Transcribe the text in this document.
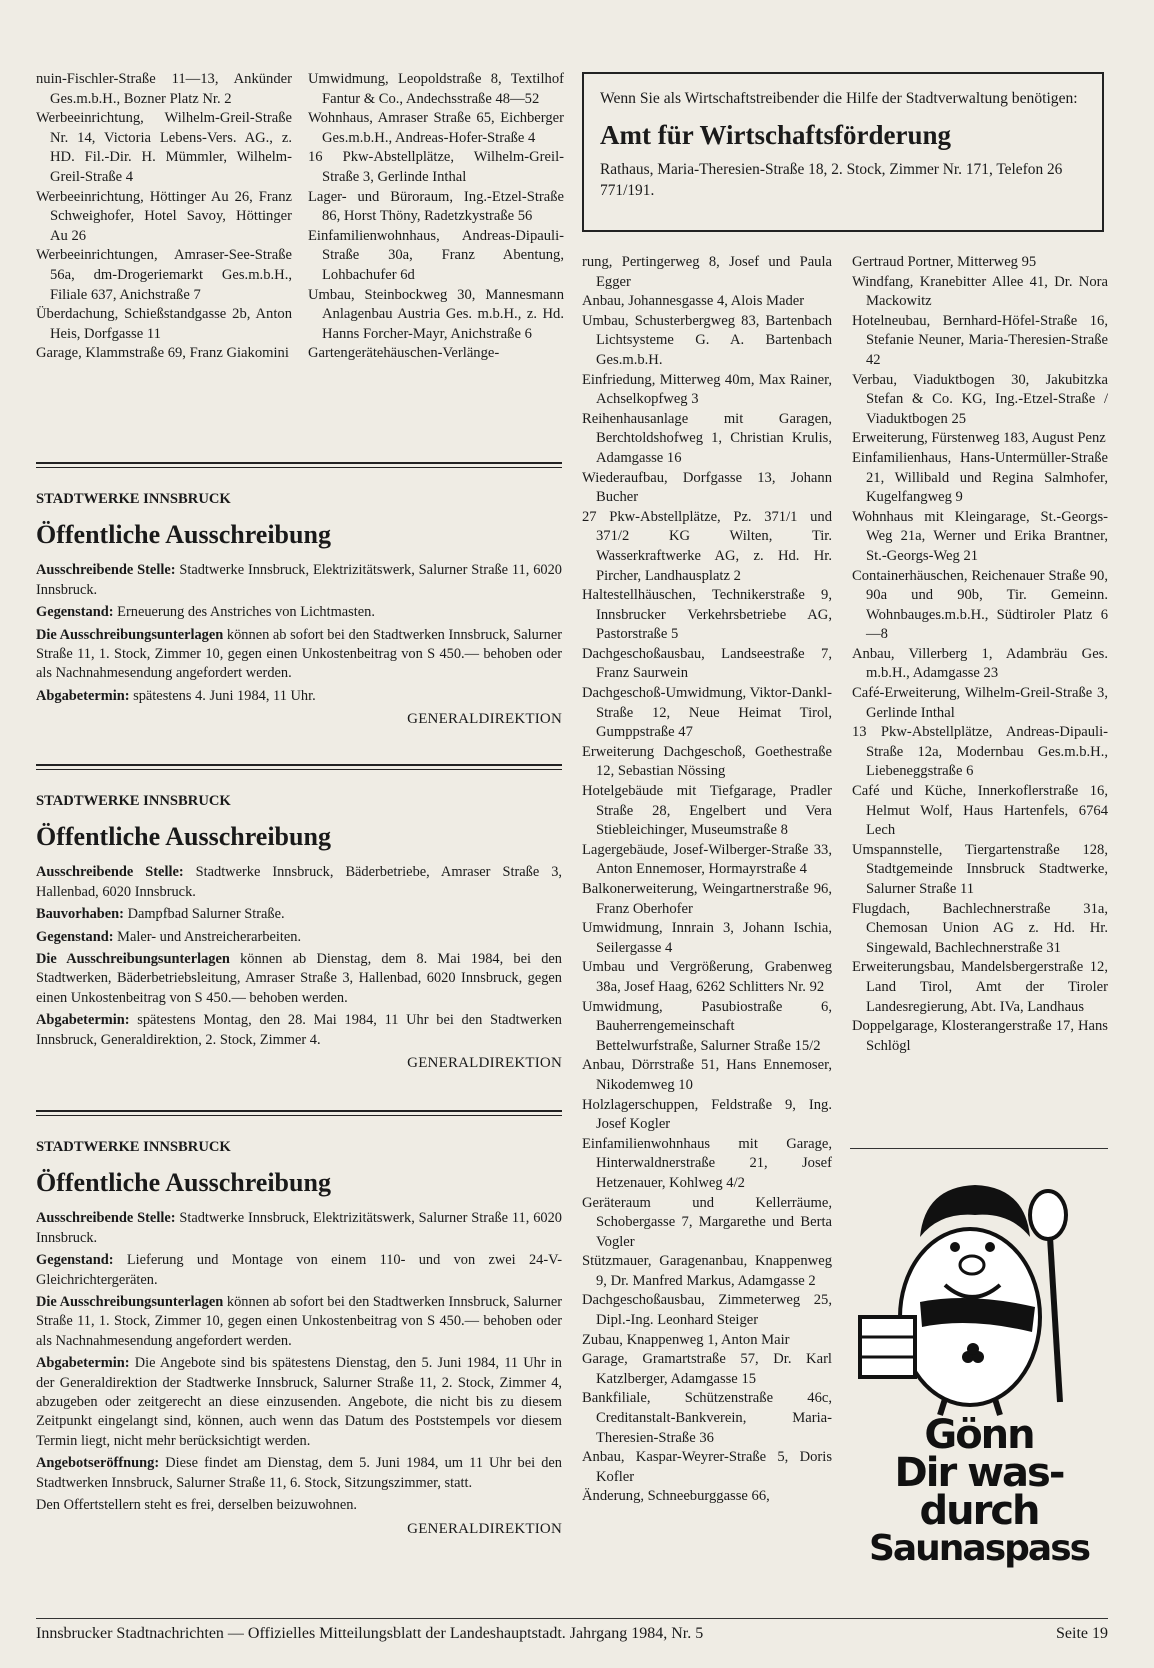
nuin-Fischler-Straße 11—13, Ankünder Ges.m.b.H., Bozner Platz Nr. 2

Werbeeinrichtung, Wilhelm-Greil-Straße Nr. 14, Victoria Lebens-Vers. AG., z. HD. Fil.-Dir. H. Mümmler, Wilhelm-Greil-Straße 4

Werbeeinrichtung, Höttinger Au 26, Franz Schweighofer, Hotel Savoy, Höttinger Au 26

Werbeeinrichtungen, Amraser-See-Straße 56a, dm-Drogeriemarkt Ges.m.b.H., Filiale 637, Anichstraße 7

Überdachung, Schießstandgasse 2b, Anton Heis, Dorfgasse 11

Garage, Klammstraße 69, Franz Giakomini

Umwidmung, Leopoldstraße 8, Textilhof Fantur & Co., Andechsstraße 48—52

Wohnhaus, Amraser Straße 65, Eichberger Ges.m.b.H., Andreas-Hofer-Straße 4

16 Pkw-Abstellplätze, Wilhelm-Greil-Straße 3, Gerlinde Inthal

Lager- und Büroraum, Ing.-Etzel-Straße 86, Horst Thöny, Radetzkystraße 56

Einfamilienwohnhaus, Andreas-Dipauli-Straße 30a, Franz Abentung, Lohbachufer 6d

Umbau, Steinbockweg 30, Mannesmann Anlagenbau Austria Ges. m.b.H., z. Hd. Hanns Forcher-Mayr, Anichstraße 6

Gartengerätehäuschen-Verlänge-

Wenn Sie als Wirtschaftstreibender die Hilfe der Stadtverwaltung benötigen:

Amt für Wirtschaftsförderung

Rathaus, Maria-Theresien-Straße 18, 2. Stock, Zimmer Nr. 171, Telefon 26 771/191.

STADTWERKE INNSBRUCK
Öffentliche Ausschreibung

Ausschreibende Stelle: Stadtwerke Innsbruck, Elektrizitätswerk, Salurner Straße 11, 6020 Innsbruck.

Gegenstand: Erneuerung des Anstriches von Lichtmasten.

Die Ausschreibungsunterlagen können ab sofort bei den Stadtwerken Innsbruck, Salurner Straße 11, 1. Stock, Zimmer 10, gegen einen Unkostenbeitrag von S 450.— behoben oder als Nachnahmesendung angefordert werden.

Abgabetermin: spätestens 4. Juni 1984, 11 Uhr.

GENERALDIREKTION
STADTWERKE INNSBRUCK
Öffentliche Ausschreibung

Ausschreibende Stelle: Stadtwerke Innsbruck, Bäderbetriebe, Amraser Straße 3, Hallenbad, 6020 Innsbruck.

Bauvorhaben: Dampfbad Salurner Straße.

Gegenstand: Maler- und Anstreicherarbeiten.

Die Ausschreibungsunterlagen können ab Dienstag, dem 8. Mai 1984, bei den Stadtwerken, Bäderbetriebsleitung, Amraser Straße 3, Hallenbad, 6020 Innsbruck, gegen einen Unkostenbeitrag von S 450.— behoben werden.

Abgabetermin: spätestens Montag, den 28. Mai 1984, 11 Uhr bei den Stadtwerken Innsbruck, Generaldirektion, 2. Stock, Zimmer 4.

GENERALDIREKTION
STADTWERKE INNSBRUCK
Öffentliche Ausschreibung

Ausschreibende Stelle: Stadtwerke Innsbruck, Elektrizitätswerk, Salurner Straße 11, 6020 Innsbruck.

Gegenstand: Lieferung und Montage von einem 110- und von zwei 24-V-Gleichrichtergeräten.

Die Ausschreibungsunterlagen können ab sofort bei den Stadtwerken Innsbruck, Salurner Straße 11, 1. Stock, Zimmer 10, gegen einen Unkostenbeitrag von S 450.— behoben oder als Nachnahmesendung angefordert werden.

Abgabetermin: Die Angebote sind bis spätestens Dienstag, den 5. Juni 1984, 11 Uhr in der Generaldirektion der Stadtwerke Innsbruck, Salurner Straße 11, 2. Stock, Zimmer 4, abzugeben oder zeitgerecht an diese einzusenden. Angebote, die nicht bis zu diesem Zeitpunkt eingelangt sind, können, auch wenn das Datum des Poststempels vor diesem Termin liegt, nicht mehr berücksichtigt werden.

Angebotseröffnung: Diese findet am Dienstag, dem 5. Juni 1984, um 11 Uhr bei den Stadtwerken Innsbruck, Salurner Straße 11, 6. Stock, Sitzungszimmer, statt.

Den Offertstellern steht es frei, derselben beizuwohnen.

GENERALDIREKTION

rung, Pertingerweg 8, Josef und Paula Egger

Anbau, Johannesgasse 4, Alois Mader

Umbau, Schusterbergweg 83, Bartenbach Lichtsysteme G. A. Bartenbach Ges.m.b.H.

Einfriedung, Mitterweg 40m, Max Rainer, Achselkopfweg 3

Reihenhausanlage mit Garagen, Berchtoldshofweg 1, Christian Krulis, Adamgasse 16

Wiederaufbau, Dorfgasse 13, Johann Bucher

27 Pkw-Abstellplätze, Pz. 371/1 und 371/2 KG Wilten, Tir. Wasserkraftwerke AG, z. Hd. Hr. Pircher, Landhausplatz 2

Haltestellhäuschen, Technikerstraße 9, Innsbrucker Verkehrsbetriebe AG, Pastorstraße 5

Dachgeschoßausbau, Landseestraße 7, Franz Saurwein

Dachgeschoß-Umwidmung, Viktor-Dankl-Straße 12, Neue Heimat Tirol, Gumppstraße 47

Erweiterung Dachgeschoß, Goethestraße 12, Sebastian Nössing

Hotelgebäude mit Tiefgarage, Pradler Straße 28, Engelbert und Vera Stiebleichinger, Museumstraße 8

Lagergebäude, Josef-Wilberger-Straße 33, Anton Ennemoser, Hormayrstraße 4

Balkonerweiterung, Weingartnerstraße 96, Franz Oberhofer

Umwidmung, Innrain 3, Johann Ischia, Seilergasse 4

Umbau und Vergrößerung, Grabenweg 38a, Josef Haag, 6262 Schlitters Nr. 92

Umwidmung, Pasubiostraße 6, Bauherrengemeinschaft Bettelwurfstraße, Salurner Straße 15/2

Anbau, Dörrstraße 51, Hans Ennemoser, Nikodemweg 10

Holzlagerschuppen, Feldstraße 9, Ing. Josef Kogler

Einfamilienwohnhaus mit Garage, Hinterwaldnerstraße 21, Josef Hetzenauer, Kohlweg 4/2

Geräteraum und Kellerräume, Schobergasse 7, Margarethe und Berta Vogler

Stützmauer, Garagenanbau, Knappenweg 9, Dr. Manfred Markus, Adamgasse 2

Dachgeschoßausbau, Zimmeterweg 25, Dipl.-Ing. Leonhard Steiger

Zubau, Knappenweg 1, Anton Mair

Garage, Gramartstraße 57, Dr. Karl Katzlberger, Adamgasse 15

Bankfiliale, Schützenstraße 46c, Creditanstalt-Bankverein, Maria-Theresien-Straße 36

Anbau, Kaspar-Weyrer-Straße 5, Doris Kofler

Änderung, Schneeburggasse 66,

Gertraud Portner, Mitterweg 95

Windfang, Kranebitter Allee 41, Dr. Nora Mackowitz

Hotelneubau, Bernhard-Höfel-Straße 16, Stefanie Neuner, Maria-Theresien-Straße 42

Verbau, Viaduktbogen 30, Jakubitzka Stefan & Co. KG, Ing.-Etzel-Straße / Viaduktbogen 25

Erweiterung, Fürstenweg 183, August Penz

Einfamilienhaus, Hans-Untermüller-Straße 21, Willibald und Regina Salmhofer, Kugelfangweg 9

Wohnhaus mit Kleingarage, St.-Georgs-Weg 21a, Werner und Erika Brantner, St.-Georgs-Weg 21

Containerhäuschen, Reichenauer Straße 90, 90a und 90b, Tir. Gemeinn. Wohnbauges.m.b.H., Südtiroler Platz 6—8

Anbau, Villerberg 1, Adambräu Ges. m.b.H., Adamgasse 23

Café-Erweiterung, Wilhelm-Greil-Straße 3, Gerlinde Inthal

13 Pkw-Abstellplätze, Andreas-Dipauli-Straße 12a, Modernbau Ges.m.b.H., Liebeneggstraße 6

Café und Küche, Innerkoflerstraße 16, Helmut Wolf, Haus Hartenfels, 6764 Lech

Umspannstelle, Tiergartenstraße 128, Stadtgemeinde Innsbruck Stadtwerke, Salurner Straße 11

Flugdach, Bachlechnerstraße 31a, Chemosan Union AG z. Hd. Hr. Singewald, Bachlechnerstraße 31

Erweiterungsbau, Mandelsbergerstraße 12, Land Tirol, Amt der Tiroler Landesregierung, Abt. IVa, Landhaus

Doppelgarage, Klosterangerstraße 17, Hans Schlögl

Gönn
Dir was-
durch
Saunaspass
Innsbrucker Stadtnachrichten — Offizielles Mitteilungsblatt der Landeshauptstadt. Jahrgang 1984, Nr. 5	Seite 19
